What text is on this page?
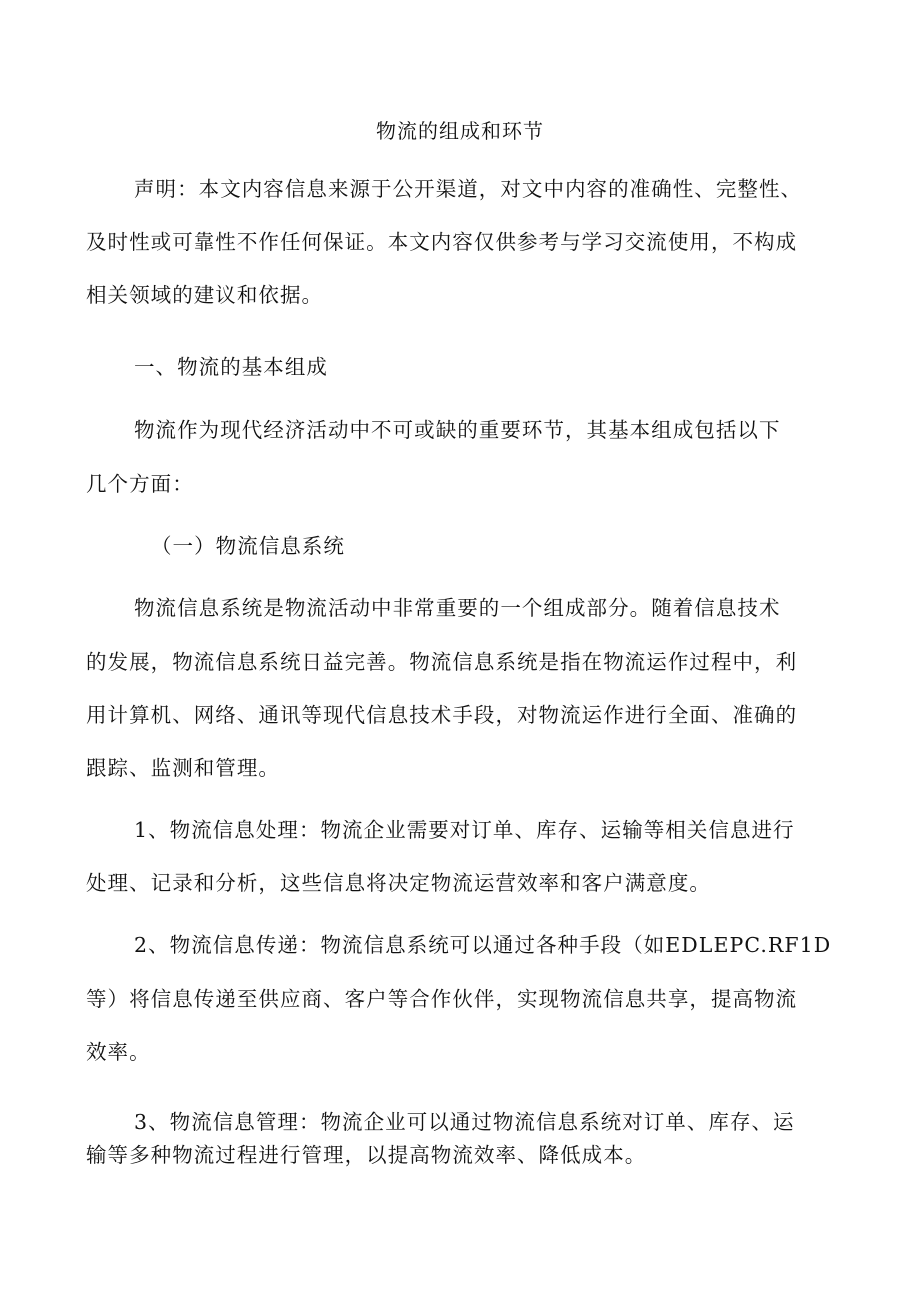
物流的组成和环节
声明：本文内容信息来源于公开渠道，对文中内容的准确性、完整性、
及时性或可靠性不作任何保证。本文内容仅供参考与学习交流使用，不构成
相关领域的建议和依据。
一、物流的基本组成
物流作为现代经济活动中不可或缺的重要环节，其基本组成包括以下
几个方面：
（一）物流信息系统
物流信息系统是物流活动中非常重要的一个组成部分。随着信息技术
的发展，物流信息系统日益完善。物流信息系统是指在物流运作过程中，利
用计算机、网络、通讯等现代信息技术手段，对物流运作进行全面、准确的
跟踪、监测和管理。
1、物流信息处理：物流企业需要对订单、库存、运输等相关信息进行
处理、记录和分析，这些信息将决定物流运营效率和客户满意度。
2、物流信息传递：物流信息系统可以通过各种手段（如EDLEPC.RF1D
等）将信息传递至供应商、客户等合作伙伴，实现物流信息共享，提高物流
效率。
3、物流信息管理：物流企业可以通过物流信息系统对订单、库存、运
输等多种物流过程进行管理，以提高物流效率、降低成本。
